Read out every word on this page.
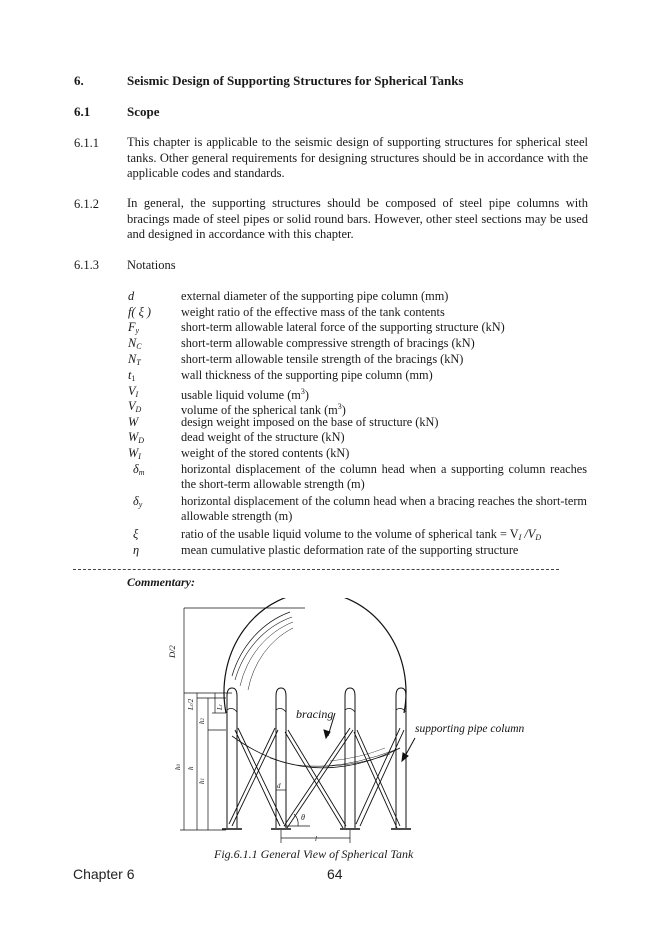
6.	Seismic Design of Supporting Structures for Spherical Tanks
6.1	Scope
6.1.1 This chapter is applicable to the seismic design of supporting structures for spherical steel tanks. Other general requirements for designing structures should be in accordance with the applicable codes and standards.
6.1.2 In general, the supporting structures should be composed of steel pipe columns with bracings made of steel pipes or solid round bars. However, other steel sections may be used and designed in accordance with this chapter.
6.1.3 Notations
d	external diameter of the supporting pipe column (mm)
f( ξ )	weight ratio of the effective mass of the tank contents
$F_y$	short-term allowable lateral force of the supporting structure (kN)
$N_C$	short-term allowable compressive strength of bracings (kN)
$N_T$	short-term allowable tensile strength of the bracings (kN)
$t_1$	wall thickness of the supporting pipe column (mm)
$V_I$	usable liquid volume $(m^3)$
$V_D$	volume of the spherical tank $(m^3)$
W	design weight imposed on the base of structure (kN)
$W_D$	dead weight of the structure (kN)
$W_I$	weight of the stored contents (kN)
$\delta_m$	horizontal displacement of the column head when a supporting column reaches the short-term allowable strength (m)
$\delta_y$	horizontal displacement of the column head when a bracing reaches the short-term allowable strength (m)
ξ	ratio of the usable liquid volume to the volume of spherical $\tan k = V_I$ $/V_D$
η	mean cumulative plastic deformation rate of the supporting structure
Commentary:
D/2
Lr/2
Lr
h2
h0
h
h1
d
θ
l
bracing
supporting pipe column
Fig.6.1.1 General View of Spherical Tank
Chapter 6	64
